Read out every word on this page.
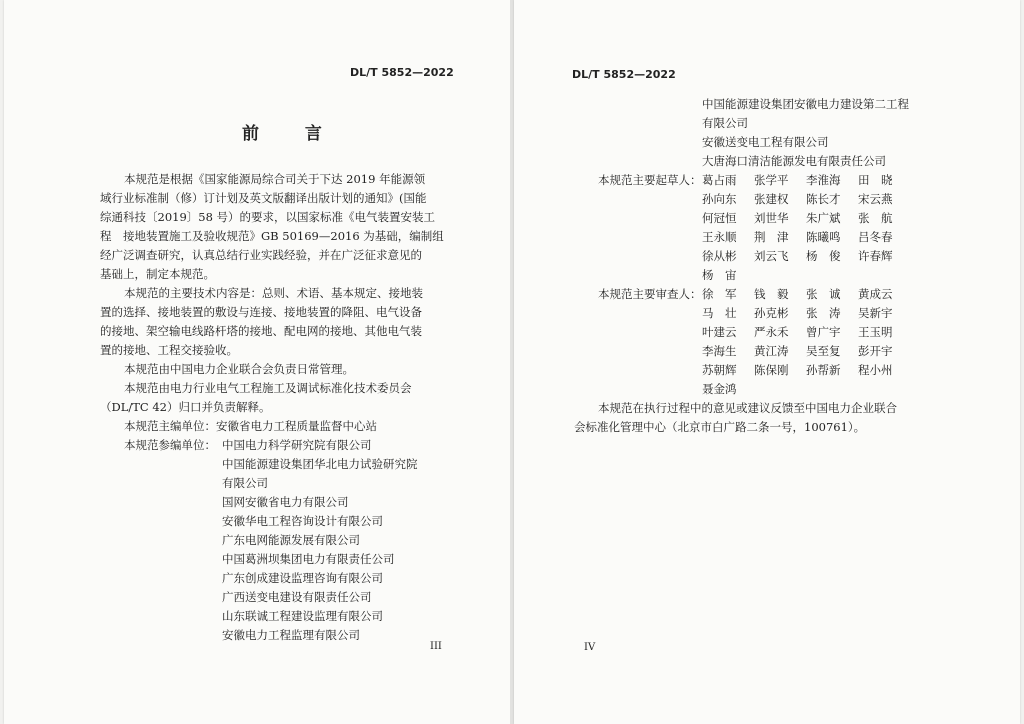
DL/T 5852—2022
前 言
本规范是根据《国家能源局综合司关于下达 2019 年能源领
域行业标准制（修）订计划及英文版翻译出版计划的通知》(国能
综通科技〔2019〕58 号）的要求，以国家标准《电气装置安装工
程　接地装置施工及验收规范》GB 50169—2016 为基础，编制组
经广泛调查研究，认真总结行业实践经验，并在广泛征求意见的
基础上，制定本规范。
本规范的主要技术内容是：总则、术语、基本规定、接地装
置的选择、接地装置的敷设与连接、接地装置的降阻、电气设备
的接地、架空输电线路杆塔的接地、配电网的接地、其他电气装
置的接地、工程交接验收。
本规范由中国电力企业联合会负责日常管理。
本规范由电力行业电气工程施工及调试标准化技术委员会
（DL/TC 42）归口并负责解释。
本规范主编单位：安徽省电力工程质量监督中心站
本规范参编单位： 中国电力科学研究院有限公司
中国能源建设集团华北电力试验研究院
有限公司
国网安徽省电力有限公司
安徽华电工程咨询设计有限公司
广东电网能源发展有限公司
中国葛洲坝集团电力有限责任公司
广东创成建设监理咨询有限公司
广西送变电建设有限责任公司
山东联诚工程建设监理有限公司
安徽电力工程监理有限公司
III
DL/T 5852—2022
中国能源建设集团安徽电力建设第二工程
有限公司
安徽送变电工程有限公司
大唐海口清洁能源发电有限责任公司
本规范主要起草人： 葛占雨 张学平 李淮海 田　晓
孙向东 张建权 陈长才 宋云燕
何冠恒 刘世华 朱广斌 张　航
王永顺 荆　津 陈曦鸣 吕冬春
徐从彬 刘云飞 杨　俊 许春辉
杨　宙
本规范主要审查人： 徐　军 钱　毅 张　诚 黄成云
马　壮 孙克彬 张　涛 吴新宇
叶建云 严永禾 曾广宇 王玉明
李海生 黄江涛 吴至复 彭开宇
苏朝辉 陈保刚 孙帮新 程小州
聂金鸿
本规范在执行过程中的意见或建议反馈至中国电力企业联合
会标准化管理中心（北京市白广路二条一号，100761）。
IV
